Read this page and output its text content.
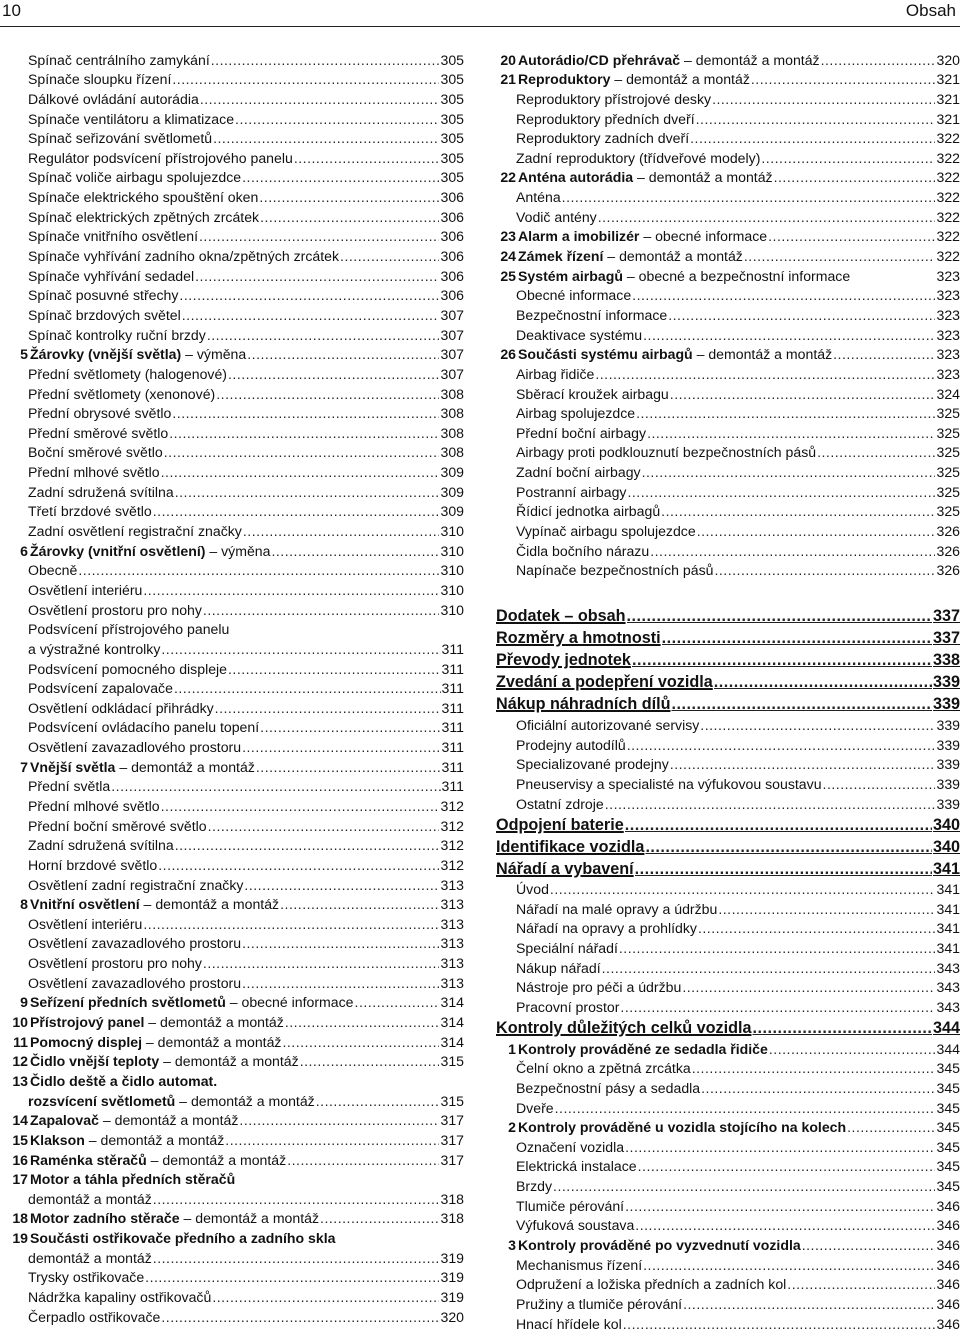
10	Obsah
Spínač centrálního zamykání .....	305
Spínače sloupku řízení .....	305
Dálkové ovládání autorádia .....	305
Spínače ventilátoru a klimatizace .....	305
Spínač seřizování světlometů .....	305
Regulátor podsvícení přístrojového panelu .....	305
Spínač voliče airbagu spolujezdce .....	305
Spínače elektrického spouštění oken .....	306
Spínač elektrických zpětných zrcátek .....	306
Spínače vnitřního osvětlení .....	306
Spínače vyhřívání zadního okna/zpětných zrcátek .....	306
Spínače vyhřívání sedadel .....	306
Spínač posuvné střechy .....	306
Spínač brzdových světel .....	307
Spínač kontrolky ruční brzdy .....	307
5 Žárovky (vnější světla) – výměna .....	307
Přední světlomety (halogenové) .....	307
Přední světlomety (xenonové) .....	308
Přední obrysové světlo .....	308
Přední směrové světlo .....	308
Boční směrové světlo .....	308
Přední mlhové světlo .....	309
Zadní sdružená svítilna .....	309
Třetí brzdové světlo .....	309
Zadní osvětlení registrační značky .....	310
6 Žárovky (vnitřní osvětlení) – výměna .....	310
Obecně .....	310
Osvětlení interiéru .....	310
Osvětlení prostoru pro nohy .....	310
Podsvícení přístrojového panelu
a výstražné kontrolky .....	311
Podsvícení pomocného displeje .....	311
Podsvícení zapalovače .....	311
Osvětlení odkládací přihrádky .....	311
Podsvícení ovládacího panelu topení .....	311
Osvětlení zavazadlového prostoru .....	311
7 Vnější světla – demontáž a montáž .....	311
Přední světla .....	311
Přední mlhové světlo .....	312
Přední boční směrové světlo .....	312
Zadní sdružená svítilna .....	312
Horní brzdové světlo .....	312
Osvětlení zadní registrační značky .....	313
8 Vnitřní osvětlení – demontáž a montáž .....	313
Osvětlení interiéru .....	313
Osvětlení zavazadlového prostoru .....	313
Osvětlení prostoru pro nohy .....	313
Osvětlení zavazadlového prostoru .....	313
9 Seřízení předních světlometů – obecné informace .....	314
10 Přístrojový panel – demontáž a montáž .....	314
11 Pomocný displej – demontáž a montáž .....	314
12 Čidlo vnější teploty – demontáž a montáž .....	315
13 Čidlo deště a čidlo automat.
rozsvícení světlometů – demontáž a montáž .....	315
14 Zapalovač – demontáž a montáž .....	317
15 Klakson – demontáž a montáž .....	317
16 Raménka stěračů – demontáž a montáž .....	317
17 Motor a táhla předních stěračů
demontáž a montáž .....	318
18 Motor zadního stěrače – demontáž a montáž .....	318
19 Součásti ostřikovače předního a zadního skla
demontáž a montáž .....	319
Trysky ostřikovače .....	319
Nádržka kapaliny ostřikovačů .....	319
Čerpadlo ostřikovače .....	320
20 Autorádio/CD přehrávač – demontáž a montáž .....	320
21 Reproduktory – demontáž a montáž .....	321
Reproduktory přístrojové desky .....	321
Reproduktory předních dveří .....	321
Reproduktory zadních dveří .....	322
Zadní reproduktory (třídveřové modely) .....	322
22 Anténa autorádia – demontáž a montáž .....	322
Anténa .....	322
Vodič antény .....	322
23 Alarm a imobilizér – obecné informace .....	322
24 Zámek řízení – demontáž a montáž .....	322
25 Systém airbagů – obecné a bezpečnostní informace	323
Obecné informace .....	323
Bezpečnostní informace .....	323
Deaktivace systému .....	323
26 Součásti systému airbagů – demontáž a montáž .....	323
Airbag řidiče .....	323
Sběrací kroužek airbagu .....	324
Airbag spolujezdce .....	325
Přední boční airbagy .....	325
Airbagy proti podklouznutí bezpečnostních pásů .....	325
Zadní boční airbagy .....	325
Postranní airbagy .....	325
Řídicí jednotka airbagů .....	325
Vypínač airbagu spolujezdce .....	326
Čidla bočního nárazu .....	326
Napínače bezpečnostních pásů .....	326
Dodatek – obsah .....	337
Rozměry a hmotnosti .....	337
Převody jednotek .....	338
Zvedání a podepření vozidla .....	339
Nákup náhradních dílů .....	339
Oficiální autorizované servisy .....	339
Prodejny autodílů .....	339
Specializované prodejny .....	339
Pneuservisy a specialisté na výfukovou soustavu .....	339
Ostatní zdroje .....	339
Odpojení baterie .....	340
Identifikace vozidla .....	340
Nářadí a vybavení .....	341
Úvod .....	341
Nářadí na malé opravy a údržbu .....	341
Nářadí na opravy a prohlídky .....	341
Speciální nářadí .....	341
Nákup nářadí .....	343
Nástroje pro péči a údržbu .....	343
Pracovní prostor .....	343
Kontroly důležitých celků vozidla .....	344
1 Kontroly prováděné ze sedadla řidiče .....	344
Čelní okno a zpětná zrcátka .....	345
Bezpečnostní pásy a sedadla .....	345
Dveře .....	345
2 Kontroly prováděné u vozidla stojícího na kolech .....	345
Označení vozidla .....	345
Elektrická instalace .....	345
Brzdy .....	345
Tlumiče pérování .....	346
Výfuková soustava .....	346
3 Kontroly prováděné po vyzvednutí vozidla .....	346
Mechanismus řízení .....	346
Odpružení a ložiska předních a zadních kol .....	346
Pružiny a tlumiče pérování .....	346
Hnací hřídele kol .....	346
